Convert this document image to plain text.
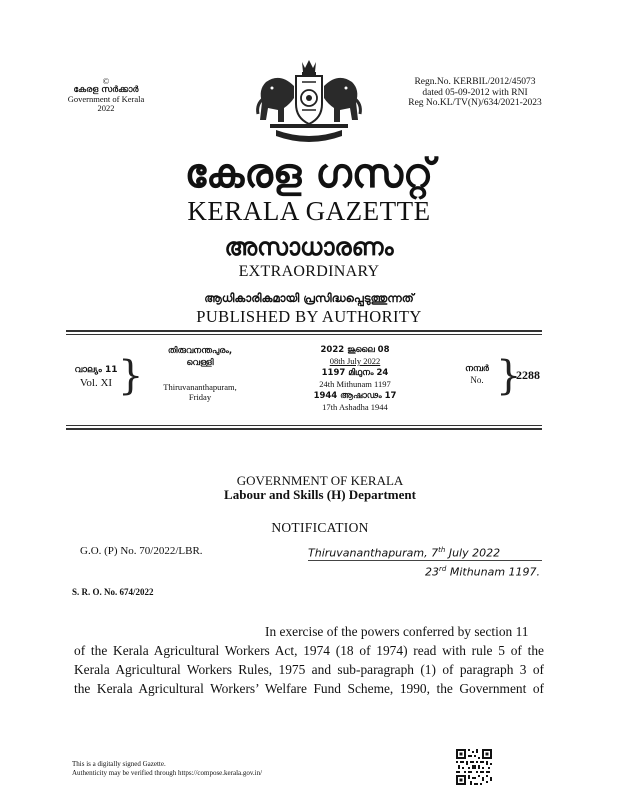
©
കേരള സർക്കാർ
Government of Kerala
2022
Regn.No. KERBIL/2012/45073
dated 05-09-2012 with RNI
Reg No.KL/TV(N)/634/2021-2023
കേരള ഗസറ്റ്
KERALA GAZETTE
അസാധാരണം
EXTRAORDINARY
ആധികാരികമായി പ്രസിദ്ധപ്പെടുത്തുന്നത്
PUBLISHED BY AUTHORITY
വാല്യം 11
Vol. XI }
തിരുവനന്തപുരം,
വെള്ളി
Thiruvananthapuram,
Friday
2022 ജൂലൈ 08
08th July 2022
1197 മിഥുനം 24
24th Mithunam 1197
1944 ആഷാഢം 17
17th Ashadha 1944
നമ്പർ
No. }
2288
GOVERNMENT OF KERALA
Labour and Skills (H) Department
NOTIFICATION
G.O. (P) No. 70/2022/LBR.	Thiruvananthapuram, 7th July 2022
23rd Mithunam 1197.
S. R. O. No. 674/2022
In exercise of the powers conferred by section 11
of the Kerala Agricultural Workers Act, 1974 (18 of 1974) read with rule 5 of the
Kerala Agricultural Workers Rules, 1975 and sub-paragraph (1) of paragraph 3 of
the Kerala Agricultural Workers’ Welfare Fund Scheme, 1990, the Government of
This is a digitally signed Gazette.
Authenticity may be verified through https://compose.kerala.gov.in/
